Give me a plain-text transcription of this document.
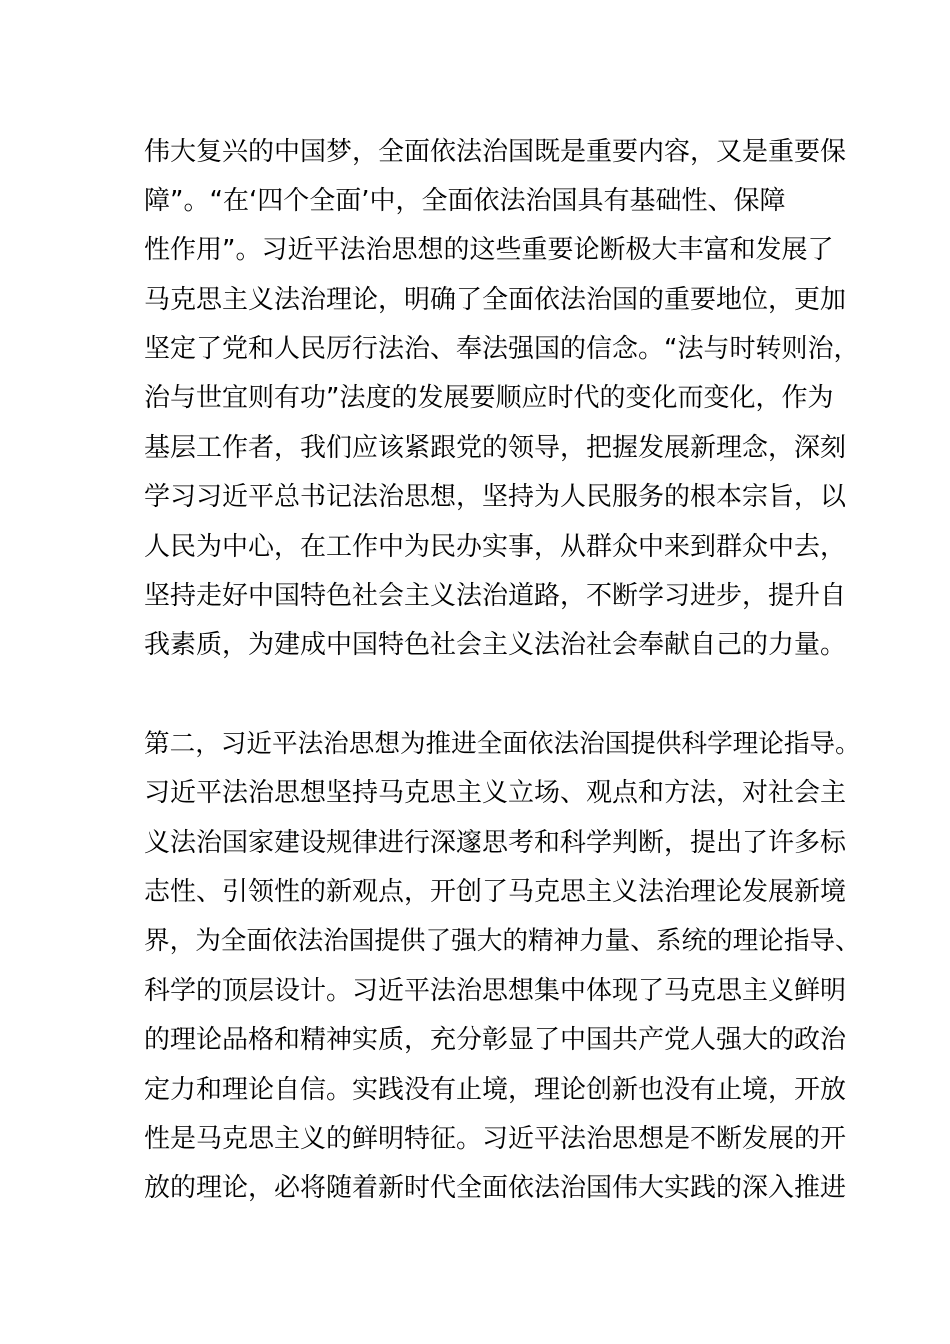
伟大复兴的中国梦，全面依法治国既是重要内容，又是重要保

障”。“在‘四个全面’中，全面依法治国具有基础性、保障

性作用”。习近平法治思想的这些重要论断极大丰富和发展了

马克思主义法治理论，明确了全面依法治国的重要地位，更加

坚定了党和人民厉行法治、奉法强国的信念。“法与时转则治，

治与世宜则有功”法度的发展要顺应时代的变化而变化，作为

基层工作者，我们应该紧跟党的领导，把握发展新理念，深刻

学习习近平总书记法治思想，坚持为人民服务的根本宗旨，以

人民为中心，在工作中为民办实事，从群众中来到群众中去，

坚持走好中国特色社会主义法治道路，不断学习进步，提升自

我素质，为建成中国特色社会主义法治社会奉献自己的力量。

第二，习近平法治思想为推进全面依法治国提供科学理论指导。

习近平法治思想坚持马克思主义立场、观点和方法，对社会主

义法治国家建设规律进行深邃思考和科学判断，提出了许多标

志性、引领性的新观点，开创了马克思主义法治理论发展新境

界，为全面依法治国提供了强大的精神力量、系统的理论指导、

科学的顶层设计。习近平法治思想集中体现了马克思主义鲜明

的理论品格和精神实质，充分彰显了中国共产党人强大的政治

定力和理论自信。实践没有止境，理论创新也没有止境，开放

性是马克思主义的鲜明特征。习近平法治思想是不断发展的开

放的理论，必将随着新时代全面依法治国伟大实践的深入推进
